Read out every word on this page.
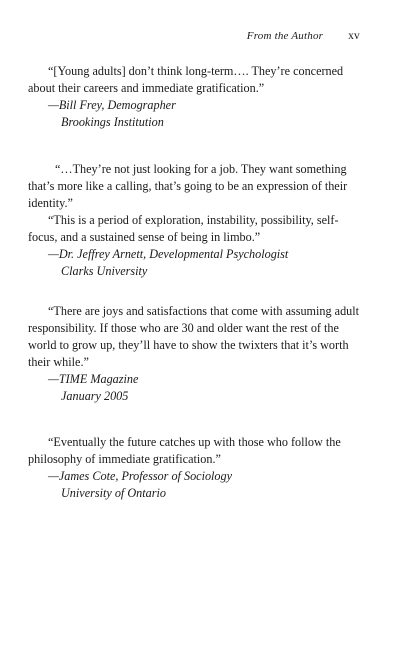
From the Author xv

“[Young adults] don’t think long-term…. They’re concerned about their careers and immediate gratification.”

—Bill Frey, Demographer
Brookings Institution

“…They’re not just looking for a job. They want something that’s more like a calling, that’s going to be an expression of their identity.”

“This is a period of exploration, instability, possibility, self-focus, and a sustained sense of being in limbo.”

—Dr. Jeffrey Arnett, Developmental Psychologist
Clarks University

“There are joys and satisfactions that come with assuming adult responsibility. If those who are 30 and older want the rest of the world to grow up, they’ll have to show the twixters that it’s worth their while.”

—TIME Magazine
January 2005

“Eventually the future catches up with those who follow the philosophy of immediate gratification.”

—James Cote, Professor of Sociology
University of Ontario
